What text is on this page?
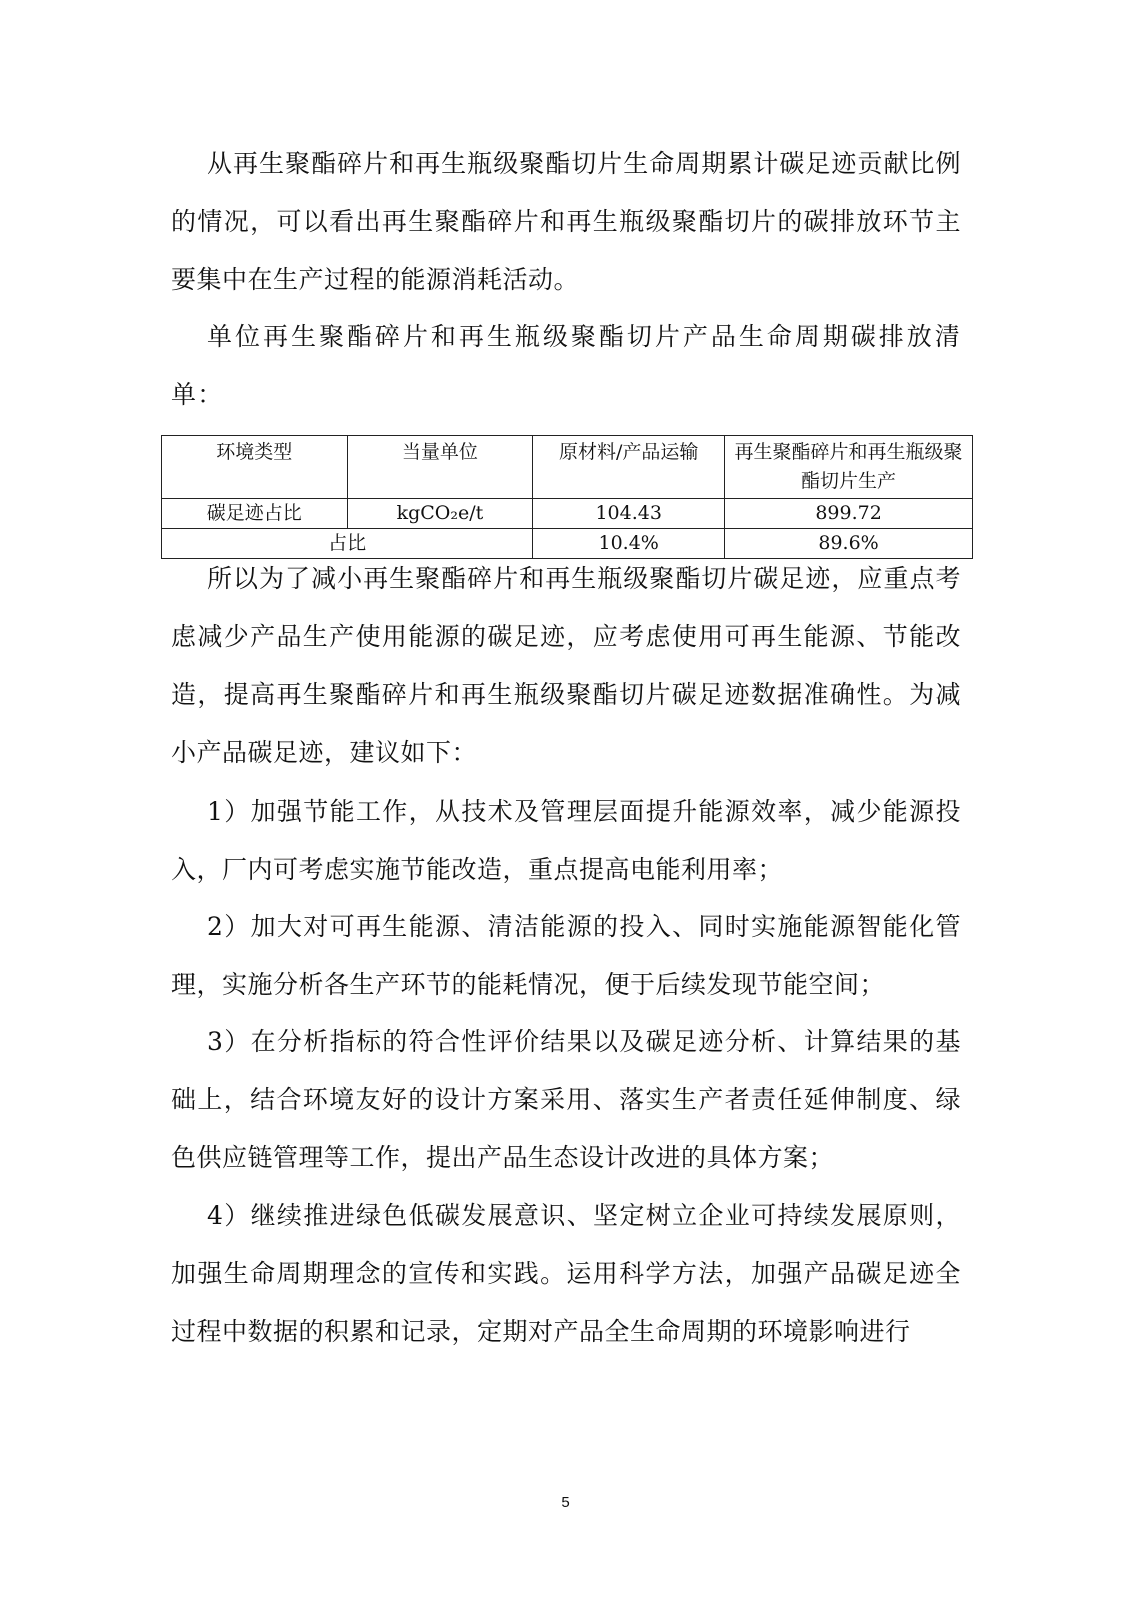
从再生聚酯碎片和再生瓶级聚酯切片生命周期累计碳足迹贡献比例的情况，可以看出再生聚酯碎片和再生瓶级聚酯切片的碳排放环节主要集中在生产过程的能源消耗活动。

单位再生聚酯碎片和再生瓶级聚酯切片产品生命周期碳排放清单：

环境类型	当量单位	原材料/产品运输	再生聚酯碎片和再生瓶级聚酯切片生产
碳足迹占比	kgCO₂e/t	104.43	899.72
占比		10.4%	89.6%

所以为了减小再生聚酯碎片和再生瓶级聚酯切片碳足迹，应重点考虑减少产品生产使用能源的碳足迹，应考虑使用可再生能源、节能改造，提高再生聚酯碎片和再生瓶级聚酯切片碳足迹数据准确性。为减小产品碳足迹，建议如下：

1）加强节能工作，从技术及管理层面提升能源效率，减少能源投入，厂内可考虑实施节能改造，重点提高电能利用率；

2）加大对可再生能源、清洁能源的投入、同时实施能源智能化管理，实施分析各生产环节的能耗情况，便于后续发现节能空间；

3）在分析指标的符合性评价结果以及碳足迹分析、计算结果的基础上，结合环境友好的设计方案采用、落实生产者责任延伸制度、绿色供应链管理等工作，提出产品生态设计改进的具体方案；

4）继续推进绿色低碳发展意识、坚定树立企业可持续发展原则，加强生命周期理念的宣传和实践。运用科学方法，加强产品碳足迹全过程中数据的积累和记录，定期对产品全生命周期的环境影响进行

5
